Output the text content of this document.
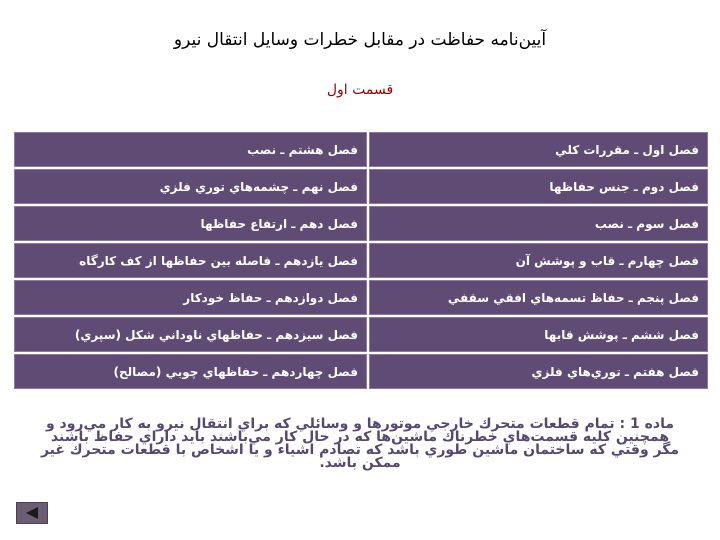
آیین‌نامه حفاظت در مقابل خطرات وسایل انتقال نیرو
قسمت اول
فصل اول ـ مقررات كلي	فصل هشتم ـ نصب
فصل دوم ـ جنس حفاظها	فصل نهم ـ چشمه‌هاي توري فلزي
فصل سوم ـ نصب	فصل دهم ـ ارتفاع حفاظها
فصل چهارم ـ قاب و پوشش آن	فصل يازدهم ـ فاصله بين حفاظها از كف كارگاه
فصل پنجم ـ حفاظ تسمه‌هاي افقي سقفي	فصل دوازدهم ـ حفاظ خودكار
فصل ششم ـ پوشش قابها	فصل سيزدهم ـ حفاظهاي ناوداني شكل (سپري)
فصل هفتم ـ توري‌هاي فلزي	فصل چهاردهم ـ حفاظهاي چوبي (مصالح)
ماده 1 : تمام قطعات متحرك خارجي موتورها و وسائلي كه براي انتقال نيرو به كار مي‌رود و همچنين كليه قسمت‌هاي خطرناك ماشين‌ها كه در حال كار مي‌باشند بايد داراي حفاظ باشند مگر وقتي كه ساختمان ماشين طوري باشد كه تصادم اشياء و يا اشخاص با قطعات متحرك غير ممكن باشد.
